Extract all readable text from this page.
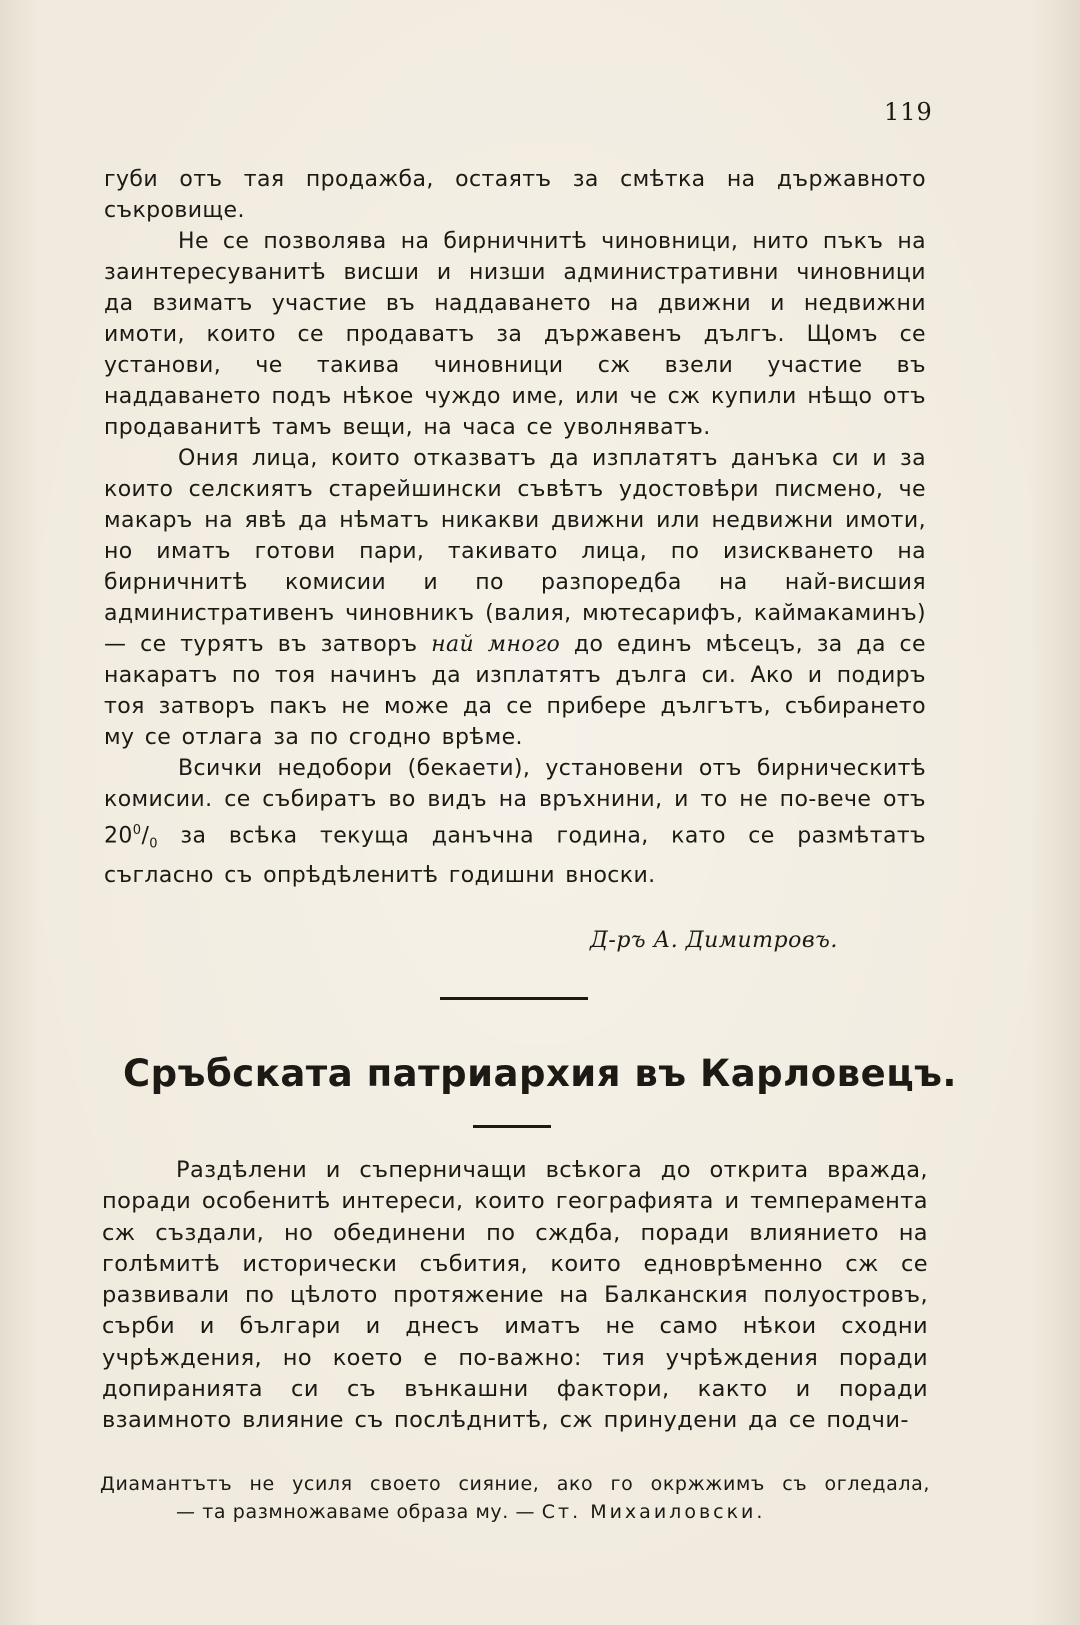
119

губи отъ тая продажба, остаятъ за смѣтка на държавното съкровище.

Не се позволява на бирничнитѣ чиновници, нито пъкъ на заинтересуванитѣ висши и низши административни чиновници да взиматъ участие въ наддаването на движни и недвижни имоти, които се продаватъ за държавенъ дългъ. Щомъ се установи, че такива чиновници сж взели участие въ наддаването подъ нѣкое чуждо име, или че сж купили нѣщо отъ продаванитѣ тамъ вещи, на часа се уволняватъ.

Ония лица, които отказватъ да изплатятъ данъка си и за които селскиятъ старейшински съвѣтъ удостовѣри писмено, че макаръ на явѣ да нѣматъ никакви движни или недвижни имоти, но иматъ готови пари, такивато лица, по изискването на бирничнитѣ комисии и по разпоредба на най-висшия административенъ чиновникъ (валия, мютесарифъ, каймакаминъ) — се турятъ въ затворъ най много до единъ мѣсецъ, за да се накаратъ по тоя начинъ да изплатятъ дълга си. Ако и подиръ тоя затворъ пакъ не може да се прибере дългътъ, събирането му се отлага за по сгодно врѣме.

Всички недобори (бекаети), установени отъ бирническитѣ комисии. се събиратъ во видъ на връхнини, и то не по-вече отъ $20^0/_0$ за всѣка текуща данъчна година, като се размѣтатъ съгласно съ опрѣдѣленитѣ годишни вноски.

Д-ръ А. Димитровъ.
Сръбската патриархия въ Карловецъ.

Раздѣлени и съперничащи всѣкога до открита вражда, поради особенитѣ интереси, които географията и темперамента сж създали, но обединени по сждба, поради влиянието на голѣмитѣ исторически събития, които едноврѣменно сж се развивали по цѣлото протяжение на Балканския полуостровъ, сърби и българи и днесъ иматъ не само нѣкои сходни учрѣждения, но което е по-важно: тия учрѣждения поради допиранията си съ вънкашни фактори, както и поради взаимното влияние съ послѣднитѣ, сж принудени да се подчи-

Диамантътъ не усиля своето сияние, ако го окржжимъ съ огледала,
— та размножаваме образа му. — Ст. Михаиловски.
